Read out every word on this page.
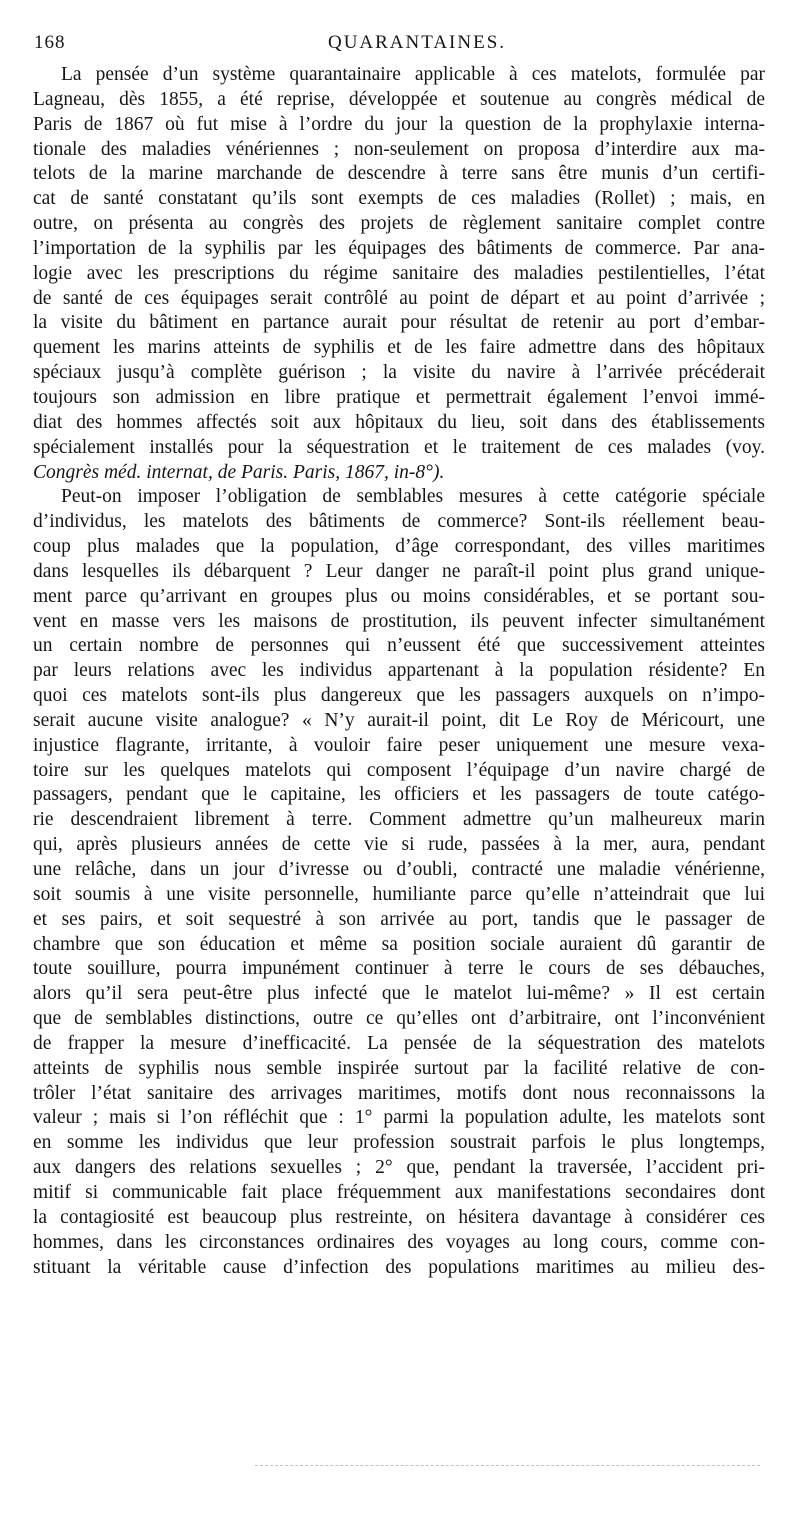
168	QUARANTAINES.
La pensée d’un système quarantainaire applicable à ces matelots, formulée par
Lagneau, dès 1855, a été reprise, développée et soutenue au congrès médical de
Paris de 1867 où fut mise à l’ordre du jour la question de la prophylaxie interna-
tionale des maladies vénériennes ; non-seulement on proposa d’interdire aux ma-
telots de la marine marchande de descendre à terre sans être munis d’un certifi-
cat de santé constatant qu’ils sont exempts de ces maladies (Rollet) ; mais, en
outre, on présenta au congrès des projets de règlement sanitaire complet contre
l’importation de la syphilis par les équipages des bâtiments de commerce. Par ana-
logie avec les prescriptions du régime sanitaire des maladies pestilentielles, l’état
de santé de ces équipages serait contrôlé au point de départ et au point d’arrivée ;
la visite du bâtiment en partance aurait pour résultat de retenir au port d’embar-
quement les marins atteints de syphilis et de les faire admettre dans des hôpitaux
spéciaux jusqu’à complète guérison ; la visite du navire à l’arrivée précéderait
toujours son admission en libre pratique et permettrait également l’envoi immé-
diat des hommes affectés soit aux hôpitaux du lieu, soit dans des établissements
spécialement installés pour la séquestration et le traitement de ces malades (voy.
Congrès méd. internat, de Paris. Paris, 1867, in-8°).
Peut-on imposer l’obligation de semblables mesures à cette catégorie spéciale
d’individus, les matelots des bâtiments de commerce? Sont-ils réellement beau-
coup plus malades que la population, d’âge correspondant, des villes maritimes
dans lesquelles ils débarquent ? Leur danger ne paraît-il point plus grand unique-
ment parce qu’arrivant en groupes plus ou moins considérables, et se portant sou-
vent en masse vers les maisons de prostitution, ils peuvent infecter simultanément
un certain nombre de personnes qui n’eussent été que successivement atteintes
par leurs relations avec les individus appartenant à la population résidente? En
quoi ces matelots sont-ils plus dangereux que les passagers auxquels on n’impo-
serait aucune visite analogue? « N’y aurait-il point, dit Le Roy de Méricourt, une
injustice flagrante, irritante, à vouloir faire peser uniquement une mesure vexa-
toire sur les quelques matelots qui composent l’équipage d’un navire chargé de
passagers, pendant que le capitaine, les officiers et les passagers de toute catégo-
rie descendraient librement à terre. Comment admettre qu’un malheureux marin
qui, après plusieurs années de cette vie si rude, passées à la mer, aura, pendant
une relâche, dans un jour d’ivresse ou d’oubli, contracté une maladie vénérienne,
soit soumis à une visite personnelle, humiliante parce qu’elle n’atteindrait que lui
et ses pairs, et soit sequestré à son arrivée au port, tandis que le passager de
chambre que son éducation et même sa position sociale auraient dû garantir de
toute souillure, pourra impunément continuer à terre le cours de ses débauches,
alors qu’il sera peut-être plus infecté que le matelot lui-même? » Il est certain
que de semblables distinctions, outre ce qu’elles ont d’arbitraire, ont l’inconvénient
de frapper la mesure d’inefficacité. La pensée de la séquestration des matelots
atteints de syphilis nous semble inspirée surtout par la facilité relative de con-
trôler l’état sanitaire des arrivages maritimes, motifs dont nous reconnaissons la
valeur ; mais si l’on réfléchit que : 1° parmi la population adulte, les matelots sont
en somme les individus que leur profession soustrait parfois le plus longtemps,
aux dangers des relations sexuelles ; 2° que, pendant la traversée, l’accident pri-
mitif si communicable fait place fréquemment aux manifestations secondaires dont
la contagiosité est beaucoup plus restreinte, on hésitera davantage à considérer ces
hommes, dans les circonstances ordinaires des voyages au long cours, comme con-
stituant la véritable cause d’infection des populations maritimes au milieu des-
